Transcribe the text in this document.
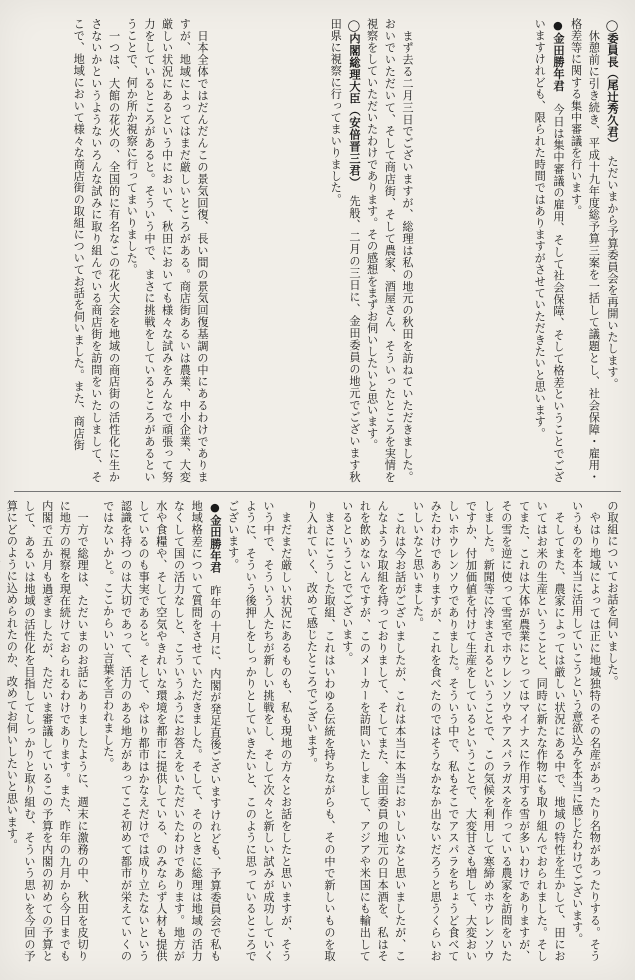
◯委員長（尾辻秀久君）　ただいまから予算委員会を再開いたします。

　休憩前に引き続き、平成十九年度総予算三案を一括して議題とし、社会保障・雇用・格差等に関する集中審議を行います。

●金田勝年君　今日は集中審議の雇用、そして社会保障、そして格差ということでございますけれども、限られた時間ではありますがさせていただきたいと思います。

　まず去る二月三日でございますが、総理は私の地元の秋田を訪ねていただきました。おいでいただいて、そして商店街、そして農家、酒屋さん、そういったところを実情を視察をしていただいたわけであります。その感想をまずお伺いしたいと思います。

◯内閣総理大臣（安倍晋三君）　先般、二月の三日に、金田委員の地元でございます秋田県に視察に行ってまいりました。

　日本全体ではだんだんこの景気回復、長い間の景気回復基調の中にあるわけでありますが、地域によってはまだ厳しいところがある。商店街あるいは農業、中小企業、大変厳しい状況にあるという中において、秋田においても様々な試みをみんなで頑張って努力をしているところがあると。そういう中で、まさに挑戦をしているところがあるということで、何か所か視察に行ってまいりました。

　一つは、大館の花火の、全国的に有名なこの花火大会を地域の商店街の活性化に生かさないかというようないろんな試みに取り組んでいる商店街を訪問をいたしまして、そこで、地域において様々な商店街の取組についてお話を伺いました。また、商店街

の取組についてお話を伺いました。

　やはり地域によっては正に地域独特のその名産があったり名物があったりする。そういうものを本当に活用していこうという意欲込みを本当に感じたわけでございます。

　そしてまた、農家によっては厳しい状況にある中で、地域の特性を生かして、田においてはお米の生産ということと、同時に新たな作物にも取り組んでおられました。そしてまた、これは大体が農業にとってはマイナスに作用する雪が多いわけでありますが、その雪を逆に使って雪室でホウレンソウやアスパラガスを作っている農家を訪問をいたしました。新聞等に冷まされるということで、この気候を利用して寒締めホウレンソウですか、付加価値を付けて生産をしているということで、大変甘さも増して、大変おいしいホウレンソウでありました。そういう中で、私もそこでアスパラをちょうど食べてみたわけでありますが、これを食べたのではそうなかなか出ないだろうと思うくらいおいしいなと思いました。

　これは今お話がございましたが、これは本当に本当においしいなと思いましたが、こんなような取組を持っておりまして、そしてまた、金田委員の地元の日本酒を、私はそれを飲めないんですが、このメーカーを訪問いたしまして、アジアや米国にも輸出しているということでございます。

　まさにこうした取組、これはいわゆる伝統を持ちながらも、その中で新しいものを取り入れていく、改めて感じたところでございます。

　まだまだ厳しい状況にあるものも、私も現地の方々とお話をしたと思いますが、そういう中で、そういう人たちが新しい挑戦をし、そして次々と新しい試みが成功していくように、そういう後押しをしっかりとしていきたいと、このように思っているところでございます。

●金田勝年君　昨年の十月に、内閣が発足直後ございますけれども、予算委員会で私も地域格差について質問をさせていただきました。そして、そのときに総理は地域の活力なくして国の活力なしと、こういうふうにお答えをいただいたわけであります。地方が水や食糧や、そして空気やきれいな環境を都市に提供している、のみならず人材も提供しているのも事実であると。そして、やはり都市はかなえだけでは成り立たないという認識を持つのは大切であって、活力のある地方があってこそ初めて都市が栄えていくのではないかと。ここからいい言葉を言われました。

　一方で総理は、ただいまのお話にありましたように、週末に激務の中、秋田を皮切りに地方の視察を現在続けておられるわけであります。また、昨年の九月から今日までも内閣で五か月も過ぎましたが、ただいま審議しているこの予算を内閣の初めての予算として、あるいは地域の活性化を目指してしっかりと取り組む、そういう思いを今回の予算にどのように込められたのか、改めてお伺いしたいと思います。
